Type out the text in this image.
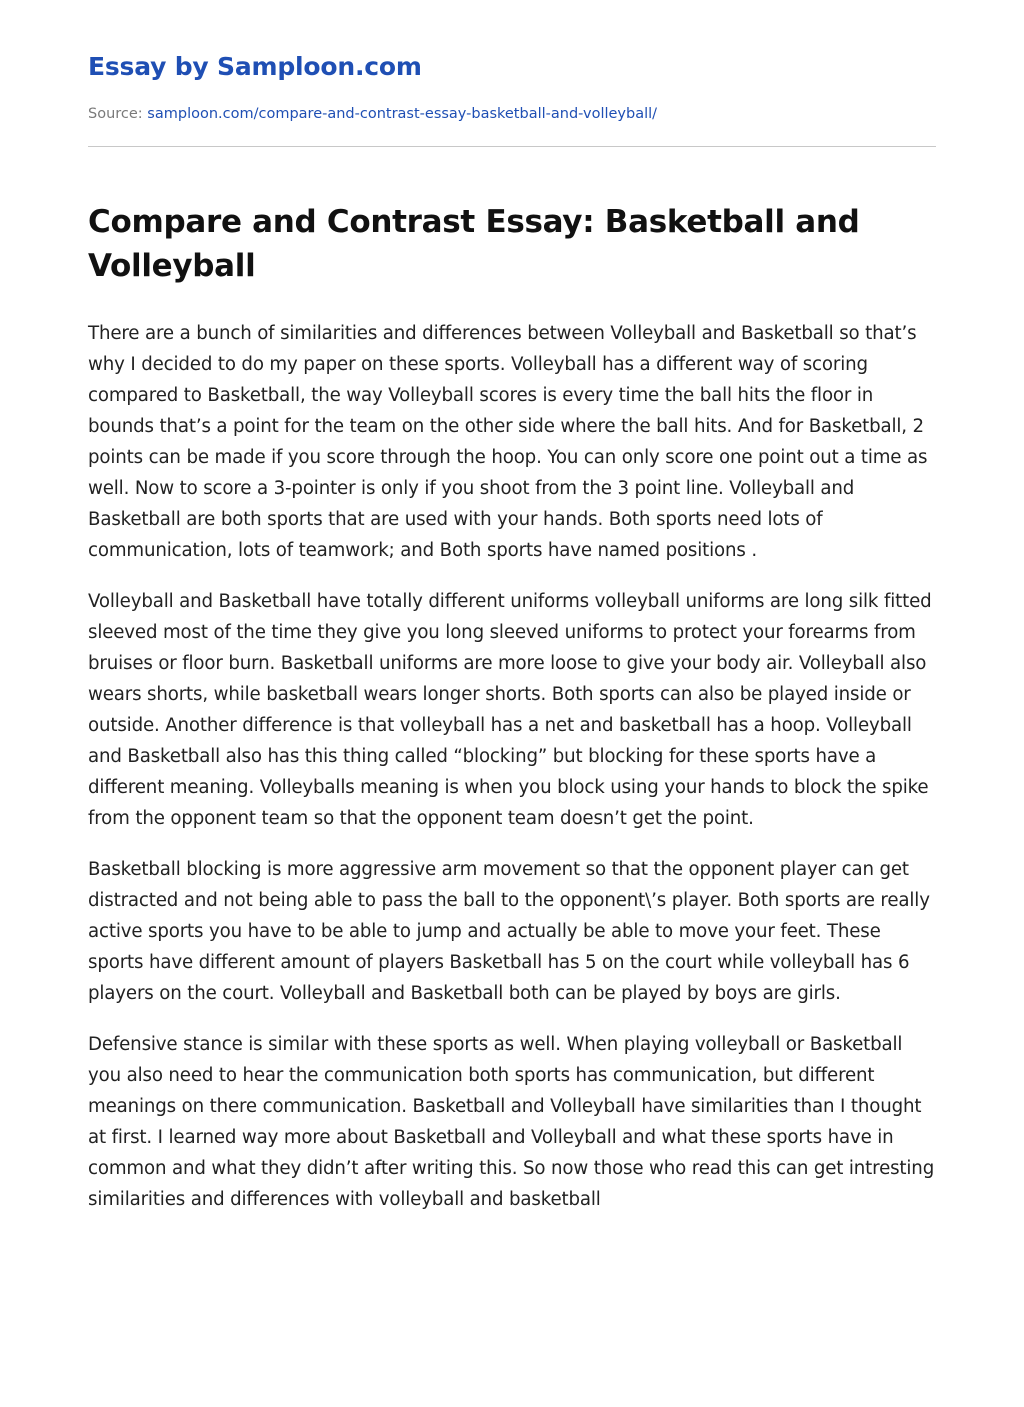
Essay by Samploon.com
Source: samploon.com/compare-and-contrast-essay-basketball-and-volleyball/
Compare and Contrast Essay: Basketball and Volleyball

There are a bunch of similarities and differences between Volleyball and Basketball so that’s why I decided to do my paper on these sports. Volleyball has a different way of scoring compared to Basketball, the way Volleyball scores is every time the ball hits the floor in bounds that’s a point for the team on the other side where the ball hits. And for Basketball, 2 points can be made if you score through the hoop. You can only score one point out a time as well. Now to score a 3-pointer is only if you shoot from the 3 point line. Volleyball and Basketball are both sports that are used with your hands. Both sports need lots of communication, lots of teamwork; and Both sports have named positions .

Volleyball and Basketball have totally different uniforms volleyball uniforms are long silk fitted sleeved most of the time they give you long sleeved uniforms to protect your forearms from bruises or floor burn. Basketball uniforms are more loose to give your body air. Volleyball also wears shorts, while basketball wears longer shorts. Both sports can also be played inside or outside. Another difference is that volleyball has a net and basketball has a hoop. Volleyball and Basketball also has this thing called “blocking” but blocking for these sports have a different meaning. Volleyballs meaning is when you block using your hands to block the spike from the opponent team so that the opponent team doesn’t get the point.

Basketball blocking is more aggressive arm movement so that the opponent player can get distracted and not being able to pass the ball to the opponent\’s player. Both sports are really active sports you have to be able to jump and actually be able to move your feet. These sports have different amount of players Basketball has 5 on the court while volleyball has 6 players on the court. Volleyball and Basketball both can be played by boys are girls.

Defensive stance is similar with these sports as well. When playing volleyball or Basketball you also need to hear the communication both sports has communication, but different meanings on there communication. Basketball and Volleyball have similarities than I thought at first. I learned way more about Basketball and Volleyball and what these sports have in common and what they didn’t after writing this. So now those who read this can get intresting similarities and differences with volleyball and basketball
